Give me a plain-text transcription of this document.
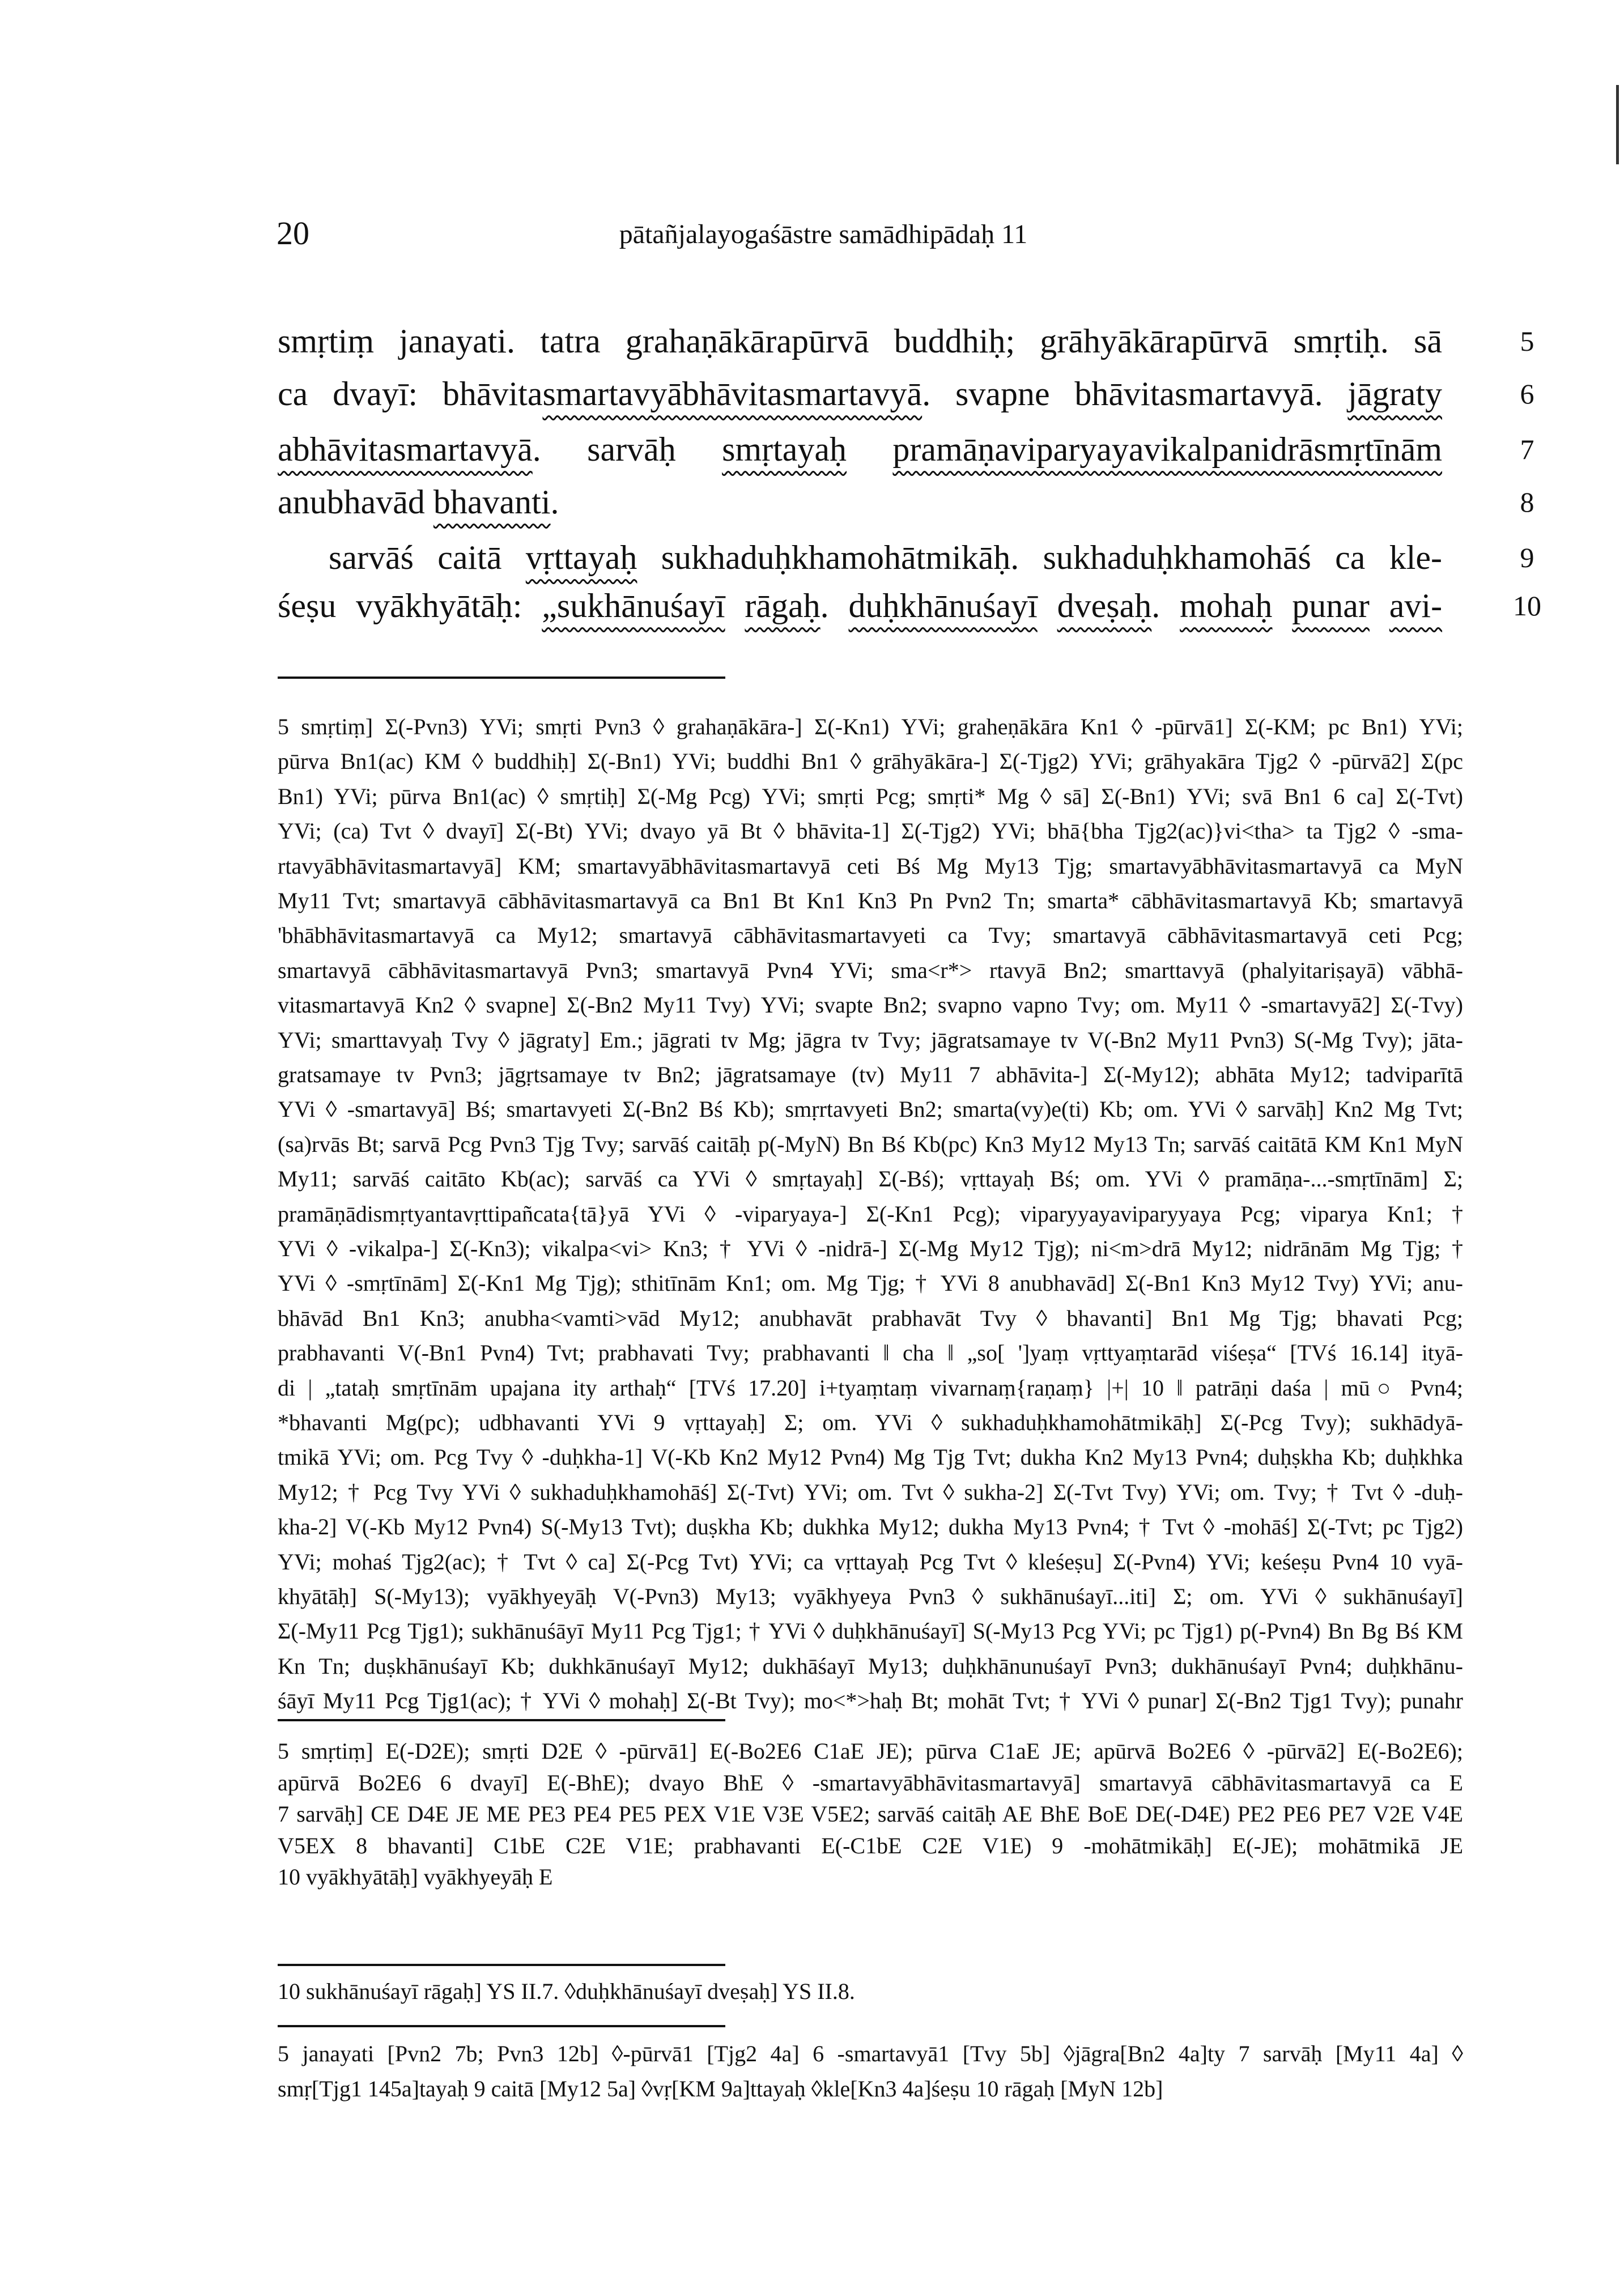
20	pātañjalayogaśāstre samādhipādaḥ 11
smṛtiṃ janayati. tatra grahaṇākārapūrvā buddhiḥ; grāhyākārapūrvā smṛtiḥ. sā	5
ca dvayī: bhāvitasmartavyābhāvitasmartavyā. svapne bhāvitasmartavyā. jāgraty	6
abhāvitasmartavyā. sarvāḥ smṛtayaḥ pramāṇaviparyayavikalpanidrāsmṛtīnām	7
anubhavād bhavanti.	8
sarvāś caitā vṛttayaḥ sukhaduḥkhamohātmikāḥ. sukhaduḥkhamohāś ca kle-	9
śeṣu vyākhyātāḥ: „sukhānuśayī rāgaḥ. duḥkhānuśayī dveṣaḥ. mohaḥ punar avi- 10
5 smṛtiṃ] Σ(-Pvn3) YVi; smṛti Pvn3 ◊ grahaṇākāra-] Σ(-Kn1) YVi; graheṇākāra Kn1 ◊ -pūrvā1] Σ(-KM; pc Bn1) YVi;
pūrva Bn1(ac) KM ◊ buddhiḥ] Σ(-Bn1) YVi; buddhi Bn1 ◊ grāhyākāra-] Σ(-Tjg2) YVi; grāhyakāra Tjg2 ◊ -pūrvā2] Σ(pc
Bn1) YVi; pūrva Bn1(ac) ◊ smṛtiḥ] Σ(-Mg Pcg) YVi; smṛti Pcg; smṛti* Mg ◊ sā] Σ(-Bn1) YVi; svā Bn1 6 ca] Σ(-Tvt)
YVi; (ca) Tvt ◊ dvayī] Σ(-Bt) YVi; dvayo yā Bt ◊ bhāvita-1] Σ(-Tjg2) YVi; bhā{bha Tjg2(ac)}vi<tha> ta Tjg2 ◊ -sma-
rtavyābhāvitasmartavyā] KM; smartavyābhāvitasmartavyā ceti Bś Mg My13 Tjg; smartavyābhāvitasmartavyā ca MyN
My11 Tvt; smartavyā cābhāvitasmartavyā ca Bn1 Bt Kn1 Kn3 Pn Pvn2 Tn; smarta* cābhāvitasmartavyā Kb; smartavyā
'bhābhāvitasmartavyā ca My12; smartavyā cābhāvitasmartavyeti ca Tvy; smartavyā cābhāvitasmartavyā ceti Pcg;
smartavyā cābhāvitasmartavyā Pvn3; smartavyā Pvn4 YVi; sma<r*> rtavyā Bn2; smarttavyā (phalyitariṣayā) vābhā-
vitasmartavyā Kn2 ◊ svapne] Σ(-Bn2 My11 Tvy) YVi; svapte Bn2; svapno vapno Tvy; om. My11 ◊ -smartavyā2] Σ(-Tvy)
YVi; smarttavyaḥ Tvy ◊ jāgraty] Em.; jāgrati tv Mg; jāgra tv Tvy; jāgratsamaye tv V(-Bn2 My11 Pvn3) S(-Mg Tvy); jāta-
gratsamaye tv Pvn3; jāgṛtsamaye tv Bn2; jāgratsamaye (tv) My11 7 abhāvita-] Σ(-My12); abhāta My12; tadviparītā
YVi ◊ -smartavyā] Bś; smartavyeti Σ(-Bn2 Bś Kb); smṛrtavyeti Bn2; smarta(vy)e(ti) Kb; om. YVi ◊ sarvāḥ] Kn2 Mg Tvt;
(sa)rvās Bt; sarvā Pcg Pvn3 Tjg Tvy; sarvāś caitāḥ p(-MyN) Bn Bś Kb(pc) Kn3 My12 My13 Tn; sarvāś caitātā KM Kn1 MyN
My11; sarvāś caitāto Kb(ac); sarvāś ca YVi ◊ smṛtayaḥ] Σ(-Bś); vṛttayaḥ Bś; om. YVi ◊ pramāṇa-...-smṛtīnām] Σ;
pramāṇādismṛtyantavṛttipañcata{tā}yā YVi ◊ -viparyaya-] Σ(-Kn1 Pcg); viparyyayaviparyyaya Pcg; viparya Kn1; †
YVi ◊ -vikalpa-] Σ(-Kn3); vikalpa<vi> Kn3; † YVi ◊ -nidrā-] Σ(-Mg My12 Tjg); ni<m>drā My12; nidrānām Mg Tjg; †
YVi ◊ -smṛtīnām] Σ(-Kn1 Mg Tjg); sthitīnām Kn1; om. Mg Tjg; † YVi 8 anubhavād] Σ(-Bn1 Kn3 My12 Tvy) YVi; anu-
bhāvād Bn1 Kn3; anubha<vamti>vād My12; anubhavāt prabhavāt Tvy ◊ bhavanti] Bn1 Mg Tjg; bhavati Pcg;
prabhavanti V(-Bn1 Pvn4) Tvt; prabhavati Tvy; prabhavanti ‖ cha ‖ „so[ ']yaṃ vṛttyaṃtarād viśeṣa“ [TVś 16.14] ityā-
di | „tataḥ smṛtīnām upajana ity arthaḥ“ [TVś 17.20] i+tyaṃtaṃ vivarnaṃ{raṇaṃ} |+| 10 ‖ patrāṇi daśa | mū○ Pvn4;
*bhavanti Mg(pc); udbhavanti YVi 9 vṛttayaḥ] Σ; om. YVi ◊ sukhaduḥkhamohātmikāḥ] Σ(-Pcg Tvy); sukhādyā-
tmikā YVi; om. Pcg Tvy ◊ -duḥkha-1] V(-Kb Kn2 My12 Pvn4) Mg Tjg Tvt; dukha Kn2 My13 Pvn4; duḥṣkha Kb; duḥkhka
My12; † Pcg Tvy YVi ◊ sukhaduḥkhamohāś] Σ(-Tvt) YVi; om. Tvt ◊ sukha-2] Σ(-Tvt Tvy) YVi; om. Tvy; † Tvt ◊ -duḥ-
kha-2] V(-Kb My12 Pvn4) S(-My13 Tvt); duṣkha Kb; dukhka My12; dukha My13 Pvn4; † Tvt ◊ -mohāś] Σ(-Tvt; pc Tjg2)
YVi; mohaś Tjg2(ac); † Tvt ◊ ca] Σ(-Pcg Tvt) YVi; ca vṛttayaḥ Pcg Tvt ◊ kleśeṣu] Σ(-Pvn4) YVi; keśeṣu Pvn4 10 vyā-
khyātāḥ] S(-My13); vyākhyeyāḥ V(-Pvn3) My13; vyākhyeya Pvn3 ◊ sukhānuśayī...iti] Σ; om. YVi ◊ sukhānuśayī]
Σ(-My11 Pcg Tjg1); sukhānuśāyī My11 Pcg Tjg1; † YVi ◊ duḥkhānuśayī] S(-My13 Pcg YVi; pc Tjg1) p(-Pvn4) Bn Bg Bś KM
Kn Tn; duṣkhānuśayī Kb; dukhkānuśayī My12; dukhāśayī My13; duḥkhānunuśayī Pvn3; dukhānuśayī Pvn4; duḥkhānu-
śāyī My11 Pcg Tjg1(ac); † YVi ◊ mohaḥ] Σ(-Bt Tvy); mo<*>haḥ Bt; mohāt Tvt; † YVi ◊ punar] Σ(-Bn2 Tjg1 Tvy); punahr
5 smṛtiṃ] E(-D2E); smṛti D2E ◊ -pūrvā1] E(-Bo2E6 C1aE JE); pūrva C1aE JE; apūrvā Bo2E6 ◊ -pūrvā2] E(-Bo2E6);
apūrvā Bo2E6 6 dvayī] E(-BhE); dvayo BhE ◊ -smartavyābhāvitasmartavyā] smartavyā cābhāvitasmartavyā ca E
7 sarvāḥ] CE D4E JE ME PE3 PE4 PE5 PEX V1E V3E V5E2; sarvāś caitāḥ AE BhE BoE DE(-D4E) PE2 PE6 PE7 V2E V4E
V5EX 8 bhavanti] C1bE C2E V1E; prabhavanti E(-C1bE C2E V1E) 9 -mohātmikāḥ] E(-JE); mohātmikā JE
10 vyākhyātāḥ] vyākhyeyāḥ E
10 sukhānuśayī rāgaḥ] YS II.7. ◊duḥkhānuśayī dveṣaḥ] YS II.8.
5 janayati [Pvn2 7b; Pvn3 12b] ◊-pūrvā1 [Tjg2 4a] 6 -smartavyā1 [Tvy 5b] ◊jāgra[Bn2 4a]ty 7 sarvāḥ [My11 4a] ◊
smṛ[Tjg1 145a]tayaḥ 9 caitā [My12 5a] ◊vṛ[KM 9a]ttayaḥ ◊kle[Kn3 4a]śeṣu 10 rāgaḥ [MyN 12b]
